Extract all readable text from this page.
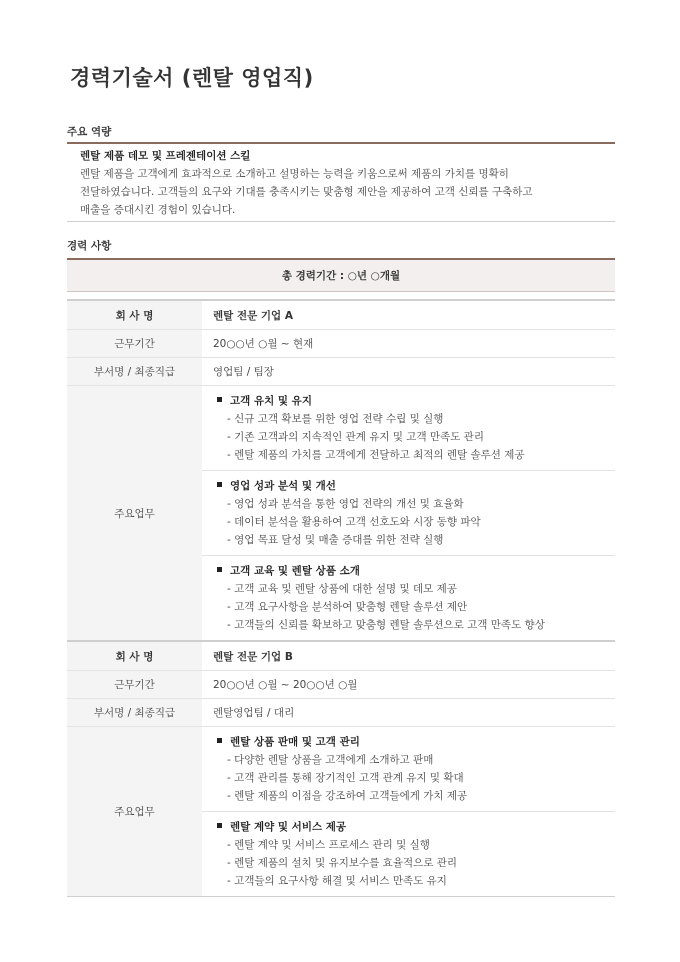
경력기술서 (렌탈 영업직)
주요 역량
렌탈 제품 데모 및 프레젠테이션 스킬
렌탈 제품을 고객에게 효과적으로 소개하고 설명하는 능력을 키움으로써 제품의 가치를 명확히
전달하였습니다. 고객들의 요구와 기대를 충족시키는 맞춤형 제안을 제공하여 고객 신뢰를 구축하고
매출을 증대시킨 경험이 있습니다.
경력 사항
총 경력기간 : ○년 ○개월
회 사 명	렌탈 전문 기업 A
근무기간	20○○년 ○월 ~ 현재
부서명 / 최종직급	영업팀 / 팀장
주요업무
고객 유치 및 유지
- 신규 고객 확보를 위한 영업 전략 수립 및 실행
- 기존 고객과의 지속적인 관계 유지 및 고객 만족도 관리
- 렌탈 제품의 가치를 고객에게 전달하고 최적의 렌탈 솔루션 제공
영업 성과 분석 및 개선
- 영업 성과 분석을 통한 영업 전략의 개선 및 효율화
- 데이터 분석을 활용하여 고객 선호도와 시장 동향 파악
- 영업 목표 달성 및 매출 증대를 위한 전략 실행
고객 교육 및 렌탈 상품 소개
- 고객 교육 및 렌탈 상품에 대한 설명 및 데모 제공
- 고객 요구사항을 분석하여 맞춤형 렌탈 솔루션 제안
- 고객들의 신뢰를 확보하고 맞춤형 렌탈 솔루션으로 고객 만족도 향상
회 사 명	렌탈 전문 기업 B
근무기간	20○○년 ○월 ~ 20○○년 ○월
부서명 / 최종직급	렌탈영업팀 / 대리
주요업무
렌탈 상품 판매 및 고객 관리
- 다양한 렌탈 상품을 고객에게 소개하고 판매
- 고객 관리를 통해 장기적인 고객 관계 유지 및 확대
- 렌탈 제품의 이점을 강조하여 고객들에게 가치 제공
렌탈 계약 및 서비스 제공
- 렌탈 계약 및 서비스 프로세스 관리 및 실행
- 렌탈 제품의 설치 및 유지보수를 효율적으로 관리
- 고객들의 요구사항 해결 및 서비스 만족도 유지
